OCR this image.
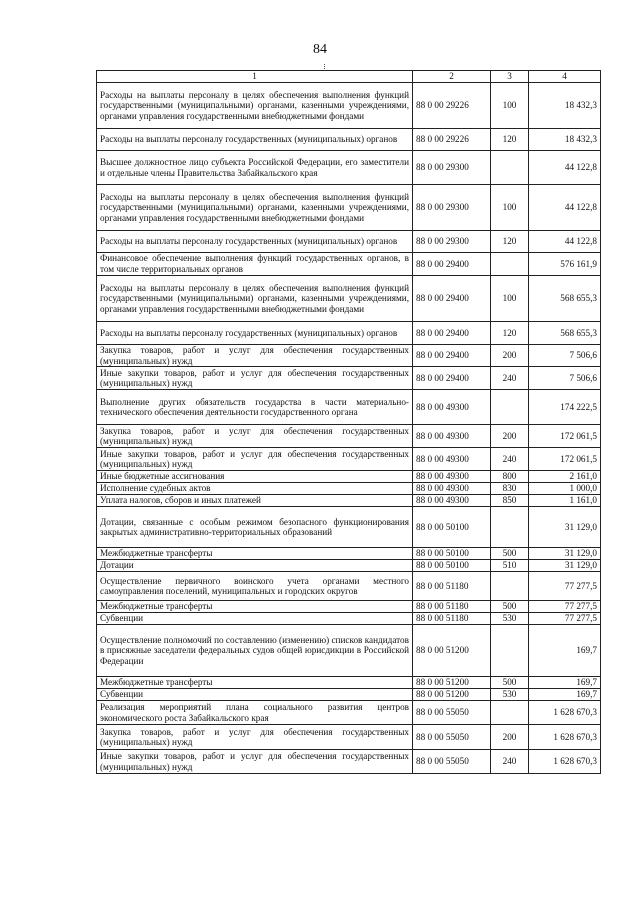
84
1	2	3	4
Расходы на выплаты персоналу в целях обеспечения выполнения функций государственными (муниципальными) органами, казенными учреждениями, органами управления государственными внебюджетными фондами	88 0 00 29226	100	18 432,3
Расходы на выплаты персоналу государственных (муниципальных) органов	88 0 00 29226	120	18 432,3
Высшее должностное лицо субъекта Российской Федерации, его заместители и отдельные члены Правительства Забайкальского края	88 0 00 29300		44 122,8
Расходы на выплаты персоналу в целях обеспечения выполнения функций государственными (муниципальными) органами, казенными учреждениями, органами управления государственными внебюджетными фондами	88 0 00 29300	100	44 122,8
Расходы на выплаты персоналу государственных (муниципальных) органов	88 0 00 29300	120	44 122,8
Финансовое обеспечение выполнения функций государственных органов, в том числе территориальных органов	88 0 00 29400		576 161,9
Расходы на выплаты персоналу в целях обеспечения выполнения функций государственными (муниципальными) органами, казенными учреждениями, органами управления государственными внебюджетными фондами	88 0 00 29400	100	568 655,3
Расходы на выплаты персоналу государственных (муниципальных) органов	88 0 00 29400	120	568 655,3
Закупка товаров, работ и услуг для обеспечения государственных (муниципальных) нужд	88 0 00 29400	200	7 506,6
Иные закупки товаров, работ и услуг для обеспечения государственных (муниципальных) нужд	88 0 00 29400	240	7 506,6
Выполнение других обязательств государства в части материально-технического обеспечения деятельности государственного органа	88 0 00 49300		174 222,5
Закупка товаров, работ и услуг для обеспечения государственных (муниципальных) нужд	88 0 00 49300	200	172 061,5
Иные закупки товаров, работ и услуг для обеспечения государственных (муниципальных) нужд	88 0 00 49300	240	172 061,5
Иные бюджетные ассигнования	88 0 00 49300	800	2 161,0
Исполнение судебных актов	88 0 00 49300	830	1 000,0
Уплата налогов, сборов и иных платежей	88 0 00 49300	850	1 161,0
Дотации, связанные с особым режимом безопасного функционирования закрытых административно-территориальных образований	88 0 00 50100		31 129,0
Межбюджетные трансферты	88 0 00 50100	500	31 129,0
Дотации	88 0 00 50100	510	31 129,0
Осуществление первичного воинского учета органами местного самоуправления поселений, муниципальных и городских округов	88 0 00 51180		77 277,5
Межбюджетные трансферты	88 0 00 51180	500	77 277,5
Субвенции	88 0 00 51180	530	77 277,5
Осуществление полномочий по составлению (изменению) списков кандидатов в присяжные заседатели федеральных судов общей юрисдикции в Российской Федерации	88 0 00 51200		169,7
Межбюджетные трансферты	88 0 00 51200	500	169,7
Субвенции	88 0 00 51200	530	169,7
Реализация мероприятий плана социального развития центров экономического роста Забайкальского края	88 0 00 55050		1 628 670,3
Закупка товаров, работ и услуг для обеспечения государственных (муниципальных) нужд	88 0 00 55050	200	1 628 670,3
Иные закупки товаров, работ и услуг для обеспечения государственных (муниципальных) нужд	88 0 00 55050	240	1 628 670,3
